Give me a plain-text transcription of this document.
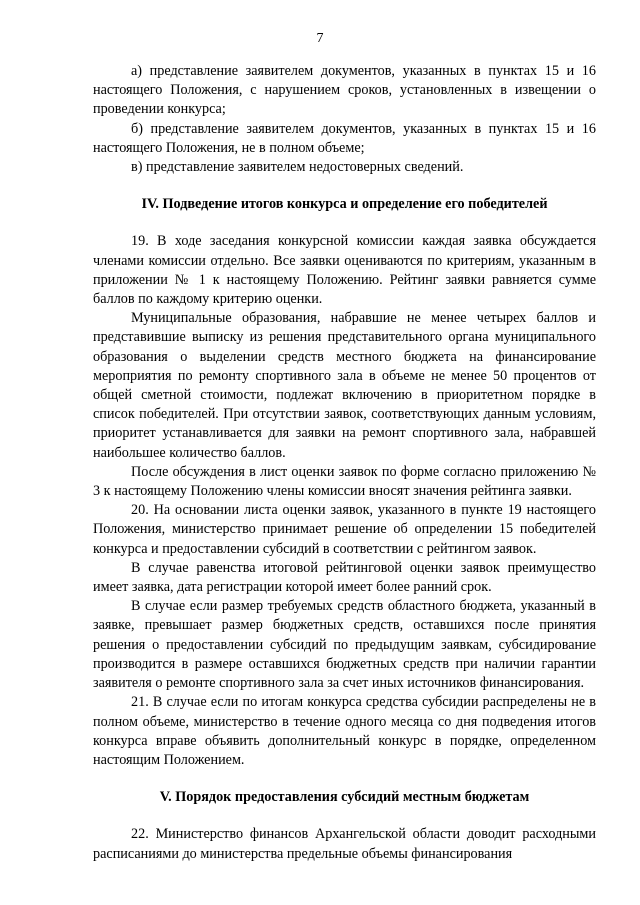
7

а) представление заявителем документов, указанных в пунктах 15 и 16 настоящего Положения, с нарушением сроков, установленных в извещении о проведении конкурса;

б) представление заявителем документов, указанных в пунктах 15 и 16 настоящего Положения, не в полном объеме;

в) представление заявителем недостоверных сведений.

IV. Подведение итогов конкурса и определение его победителей

19. В ходе заседания конкурсной комиссии каждая заявка обсуждается членами комиссии отдельно. Все заявки оцениваются по критериям, указанным в приложении № 1 к настоящему Положению. Рейтинг заявки равняется сумме баллов по каждому критерию оценки.

Муниципальные образования, набравшие не менее четырех баллов и представившие выписку из решения представительного органа муниципального образования о выделении средств местного бюджета на финансирование мероприятия по ремонту спортивного зала в объеме не менее 50 процентов от общей сметной стоимости, подлежат включению в приоритетном порядке в список победителей. При отсутствии заявок, соответствующих данным условиям, приоритет устанавливается для заявки на ремонт спортивного зала, набравшей наибольшее количество баллов.

После обсуждения в лист оценки заявок по форме согласно приложению № 3 к настоящему Положению члены комиссии вносят значения рейтинга заявки.

20. На основании листа оценки заявок, указанного в пункте 19 настоящего Положения, министерство принимает решение об определении 15 победителей конкурса и предоставлении субсидий в соответствии с рейтингом заявок.

В случае равенства итоговой рейтинговой оценки заявок преимущество имеет заявка, дата регистрации которой имеет более ранний срок.

В случае если размер требуемых средств областного бюджета, указанный в заявке, превышает размер бюджетных средств, оставшихся после принятия решения о предоставлении субсидий по предыдущим заявкам, субсидирование производится в размере оставшихся бюджетных средств при наличии гарантии заявителя о ремонте спортивного зала за счет иных источников финансирования.

21. В случае если по итогам конкурса средства субсидии распределены не в полном объеме, министерство в течение одного месяца со дня подведения итогов конкурса вправе объявить дополнительный конкурс в порядке, определенном настоящим Положением.

V. Порядок предоставления субсидий местным бюджетам

22. Министерство финансов Архангельской области доводит расходными расписаниями до министерства предельные объемы финансирования
